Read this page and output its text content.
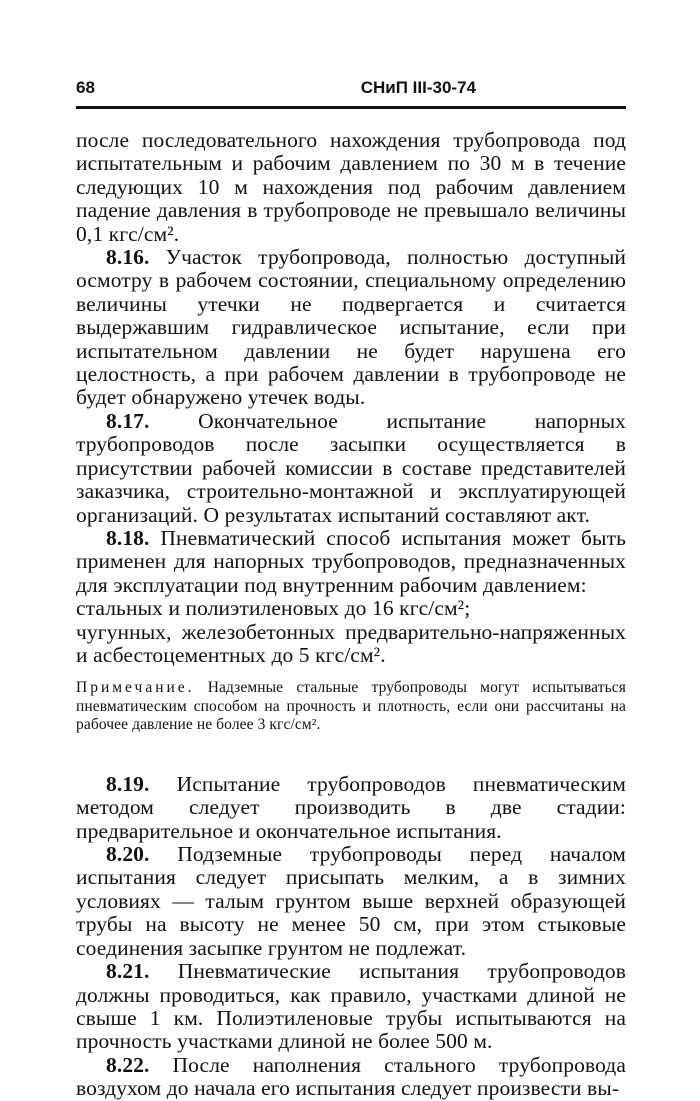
68	СНиП III-30-74

после последовательного нахождения трубопровода под испытательным и рабочим давлением по 30 м в течение следующих 10 м нахождения под рабочим давлением падение давления в трубопроводе не превышало величины 0,1 кгс/см².

8.16. Участок трубопровода, полностью доступный осмотру в рабочем состоянии, специальному определению величины утечки не подвергается и считается выдержавшим гидравлическое испытание, если при испытательном давлении не будет нарушена его целостность, а при рабочем давлении в трубопроводе не будет обнаружено утечек воды.

8.17. Окончательное испытание напорных трубопроводов после засыпки осуществляется в присутствии рабочей комиссии в составе представителей заказчика, строительно-монтажной и эксплуатирующей организаций. О результатах испытаний составляют акт.

8.18. Пневматический способ испытания может быть применен для напорных трубопроводов, предназначенных для эксплуатации под внутренним рабочим давлением:

стальных и полиэтиленовых до 16 кгс/см²;

чугунных, железобетонных предварительно-напряженных и асбестоцементных до 5 кгс/см².

Примечание. Надземные стальные трубопроводы могут испытываться пневматическим способом на прочность и плотность, если они рассчитаны на рабочее давление не более 3 кгс/см².

8.19. Испытание трубопроводов пневматическим методом следует производить в две стадии: предварительное и окончательное испытания.

8.20. Подземные трубопроводы перед началом испытания следует присыпать мелким, а в зимних условиях — талым грунтом выше верхней образующей трубы на высоту не менее 50 см, при этом стыковые соединения засыпке грунтом не подлежат.

8.21. Пневматические испытания трубопроводов должны проводиться, как правило, участками длиной не свыше 1 км. Полиэтиленовые трубы испытываются на прочность участками длиной не более 500 м.

8.22. После наполнения стального трубопровода воздухом до начала его испытания следует произвести вы-
